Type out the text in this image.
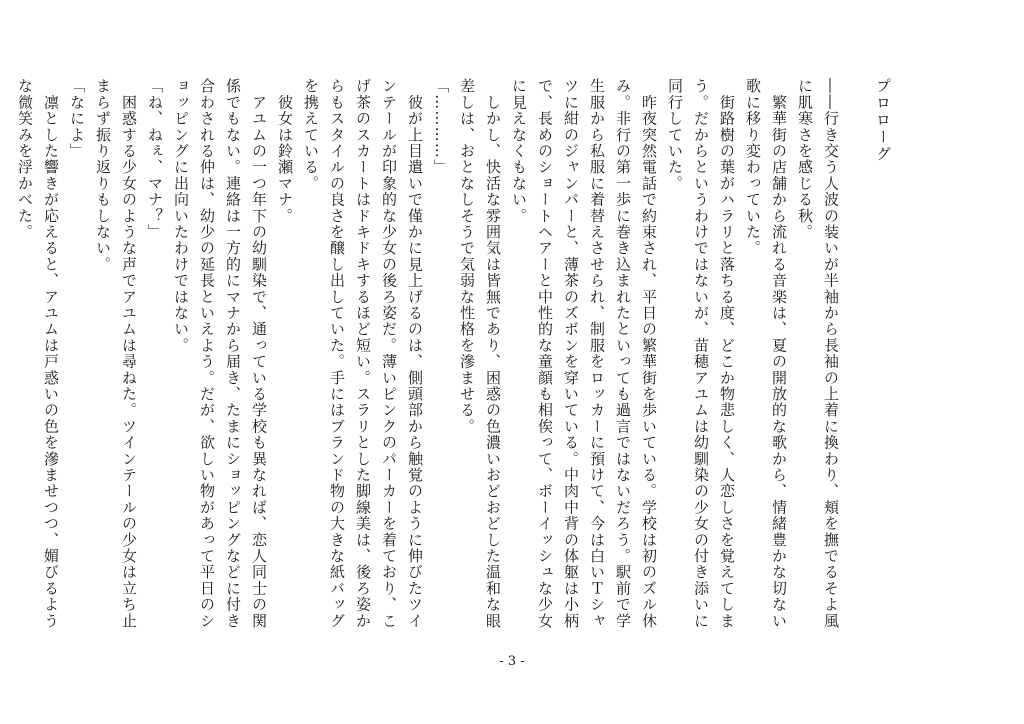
プロローグ

――行き交う人波の装いが半袖から長袖の上着に換わり、頬を撫でるそよ風に肌寒さを感じる秋。

　繁華街の店舗から流れる音楽は、夏の開放的な歌から、情緒豊かな切ない歌に移り変わっていた。

　街路樹の葉がハラリと落ちる度、どこか物悲しく、人恋しさを覚えてしまう。だからというわけではないが、苗穂アユムは幼馴染の少女の付き添いに同行していた。

　昨夜突然電話で約束され、平日の繁華街を歩いている。学校は初のズル休み。非行の第一歩に巻き込まれたといっても過言ではないだろう。駅前で学生服から私服に着替えさせられ、制服をロッカーに預けて、今は白いＴシャツに紺のジャンパーと、薄茶のズボンを穿いている。中肉中背の体躯は小柄で、長めのショートヘアーと中性的な童顔も相俟って、ボーイッシュな少女に見えなくもない。

　しかし、快活な雰囲気は皆無であり、困惑の色濃いおどおどした温和な眼差しは、おとなしそうで気弱な性格を滲ませる。

「…………」

　彼が上目遣いで僅かに見上げるのは、側頭部から触覚のように伸びたツインテールが印象的な少女の後ろ姿だ。薄いピンクのパーカーを着ており、こげ茶のスカートはドキドキするほど短い。スラリとした脚線美は、後ろ姿からもスタイルの良さを醸し出していた。手にはブランド物の大きな紙バッグを携えている。

　彼女は鈴瀬マナ。

　アユムの一つ年下の幼馴染で、通っている学校も異なれば、恋人同士の関係でもない。連絡は一方的にマナから届き、たまにショッピングなどに付き合わされる仲は、幼少の延長といえよう。だが、欲しい物があって平日のショッピングに出向いたわけではない。

「ね、ねぇ、マナ？」

　困惑する少女のような声でアユムは尋ねた。ツインテールの少女は立ち止まらず振り返りもしない。

「なによ」

　凛とした響きが応えると、アユムは戸惑いの色を滲ませつつ、媚びるような微笑みを浮かべた。

- 3 -
